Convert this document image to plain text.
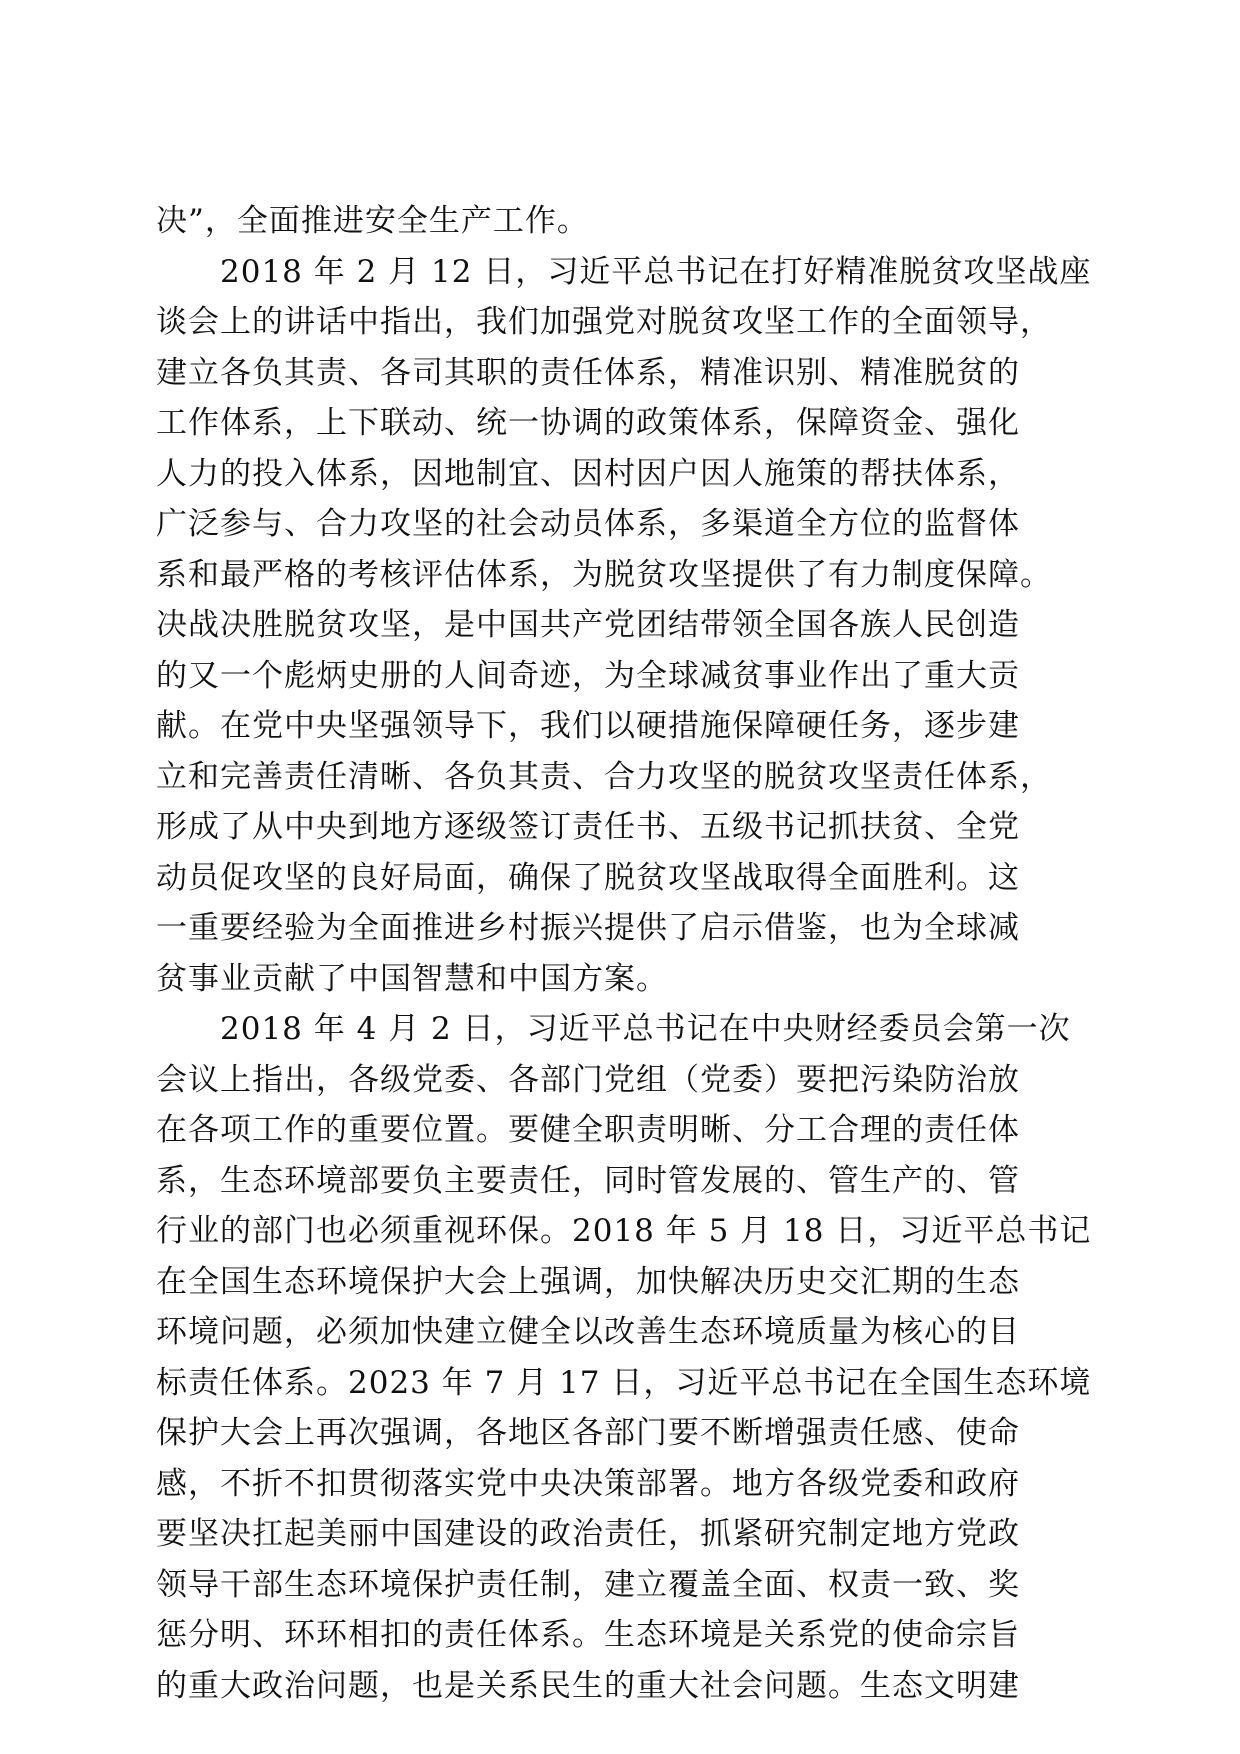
决”，全面推进安全生产工作。
2018 年 2 月 12 日，习近平总书记在打好精准脱贫攻坚战座
谈会上的讲话中指出，我们加强党对脱贫攻坚工作的全面领导，
建立各负其责、各司其职的责任体系，精准识别、精准脱贫的
工作体系，上下联动、统一协调的政策体系，保障资金、强化
人力的投入体系，因地制宜、因村因户因人施策的帮扶体系，
广泛参与、合力攻坚的社会动员体系，多渠道全方位的监督体
系和最严格的考核评估体系，为脱贫攻坚提供了有力制度保障。
决战决胜脱贫攻坚，是中国共产党团结带领全国各族人民创造
的又一个彪炳史册的人间奇迹，为全球减贫事业作出了重大贡
献。在党中央坚强领导下，我们以硬措施保障硬任务，逐步建
立和完善责任清晰、各负其责、合力攻坚的脱贫攻坚责任体系，
形成了从中央到地方逐级签订责任书、五级书记抓扶贫、全党
动员促攻坚的良好局面，确保了脱贫攻坚战取得全面胜利。这
一重要经验为全面推进乡村振兴提供了启示借鉴，也为全球减
贫事业贡献了中国智慧和中国方案。
2018 年 4 月 2 日，习近平总书记在中央财经委员会第一次
会议上指出，各级党委、各部门党组（党委）要把污染防治放
在各项工作的重要位置。要健全职责明晰、分工合理的责任体
系，生态环境部要负主要责任，同时管发展的、管生产的、管
行业的部门也必须重视环保。2018 年 5 月 18 日，习近平总书记
在全国生态环境保护大会上强调，加快解决历史交汇期的生态
环境问题，必须加快建立健全以改善生态环境质量为核心的目
标责任体系。2023 年 7 月 17 日，习近平总书记在全国生态环境
保护大会上再次强调，各地区各部门要不断增强责任感、使命
感，不折不扣贯彻落实党中央决策部署。地方各级党委和政府
要坚决扛起美丽中国建设的政治责任，抓紧研究制定地方党政
领导干部生态环境保护责任制，建立覆盖全面、权责一致、奖
惩分明、环环相扣的责任体系。生态环境是关系党的使命宗旨
的重大政治问题，也是关系民生的重大社会问题。生态文明建
